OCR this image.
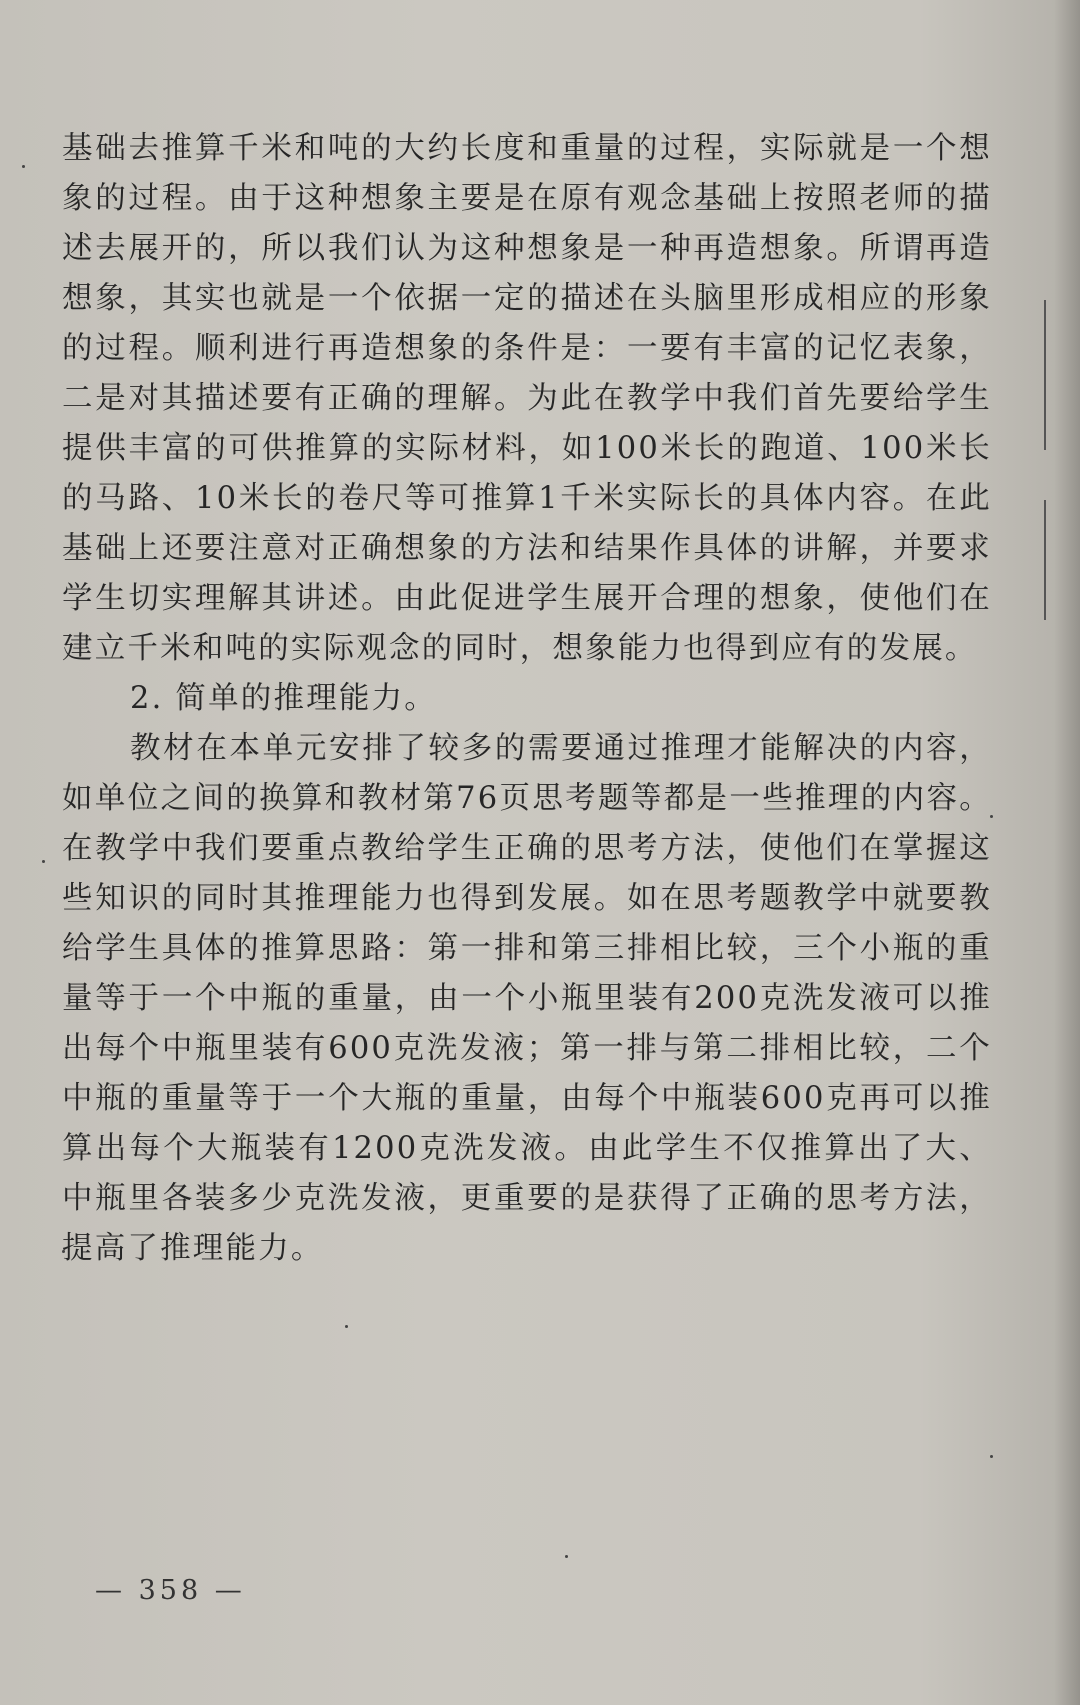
基础去推算千米和吨的大约长度和重量的过程，实际就是一个想象的过程。由于这种想象主要是在原有观念基础上按照老师的描述去展开的，所以我们认为这种想象是一种再造想象。所谓再造想象，其实也就是一个依据一定的描述在头脑里形成相应的形象的过程。顺利进行再造想象的条件是：一要有丰富的记忆表象，二是对其描述要有正确的理解。为此在教学中我们首先要给学生提供丰富的可供推算的实际材料，如100米长的跑道、100米长的马路、10米长的卷尺等可推算1千米实际长的具体内容。在此基础上还要注意对正确想象的方法和结果作具体的讲解，并要求学生切实理解其讲述。由此促进学生展开合理的想象，使他们在建立千米和吨的实际观念的同时，想象能力也得到应有的发展。

2. 简单的推理能力。

教材在本单元安排了较多的需要通过推理才能解决的内容，如单位之间的换算和教材第76页思考题等都是一些推理的内容。在教学中我们要重点教给学生正确的思考方法，使他们在掌握这些知识的同时其推理能力也得到发展。如在思考题教学中就要教给学生具体的推算思路：第一排和第三排相比较，三个小瓶的重量等于一个中瓶的重量，由一个小瓶里装有200克洗发液可以推出每个中瓶里装有600克洗发液；第一排与第二排相比较，二个中瓶的重量等于一个大瓶的重量，由每个中瓶装600克再可以推算出每个大瓶装有1200克洗发液。由此学生不仅推算出了大、中瓶里各装多少克洗发液，更重要的是获得了正确的思考方法，提高了推理能力。

— 358 —
